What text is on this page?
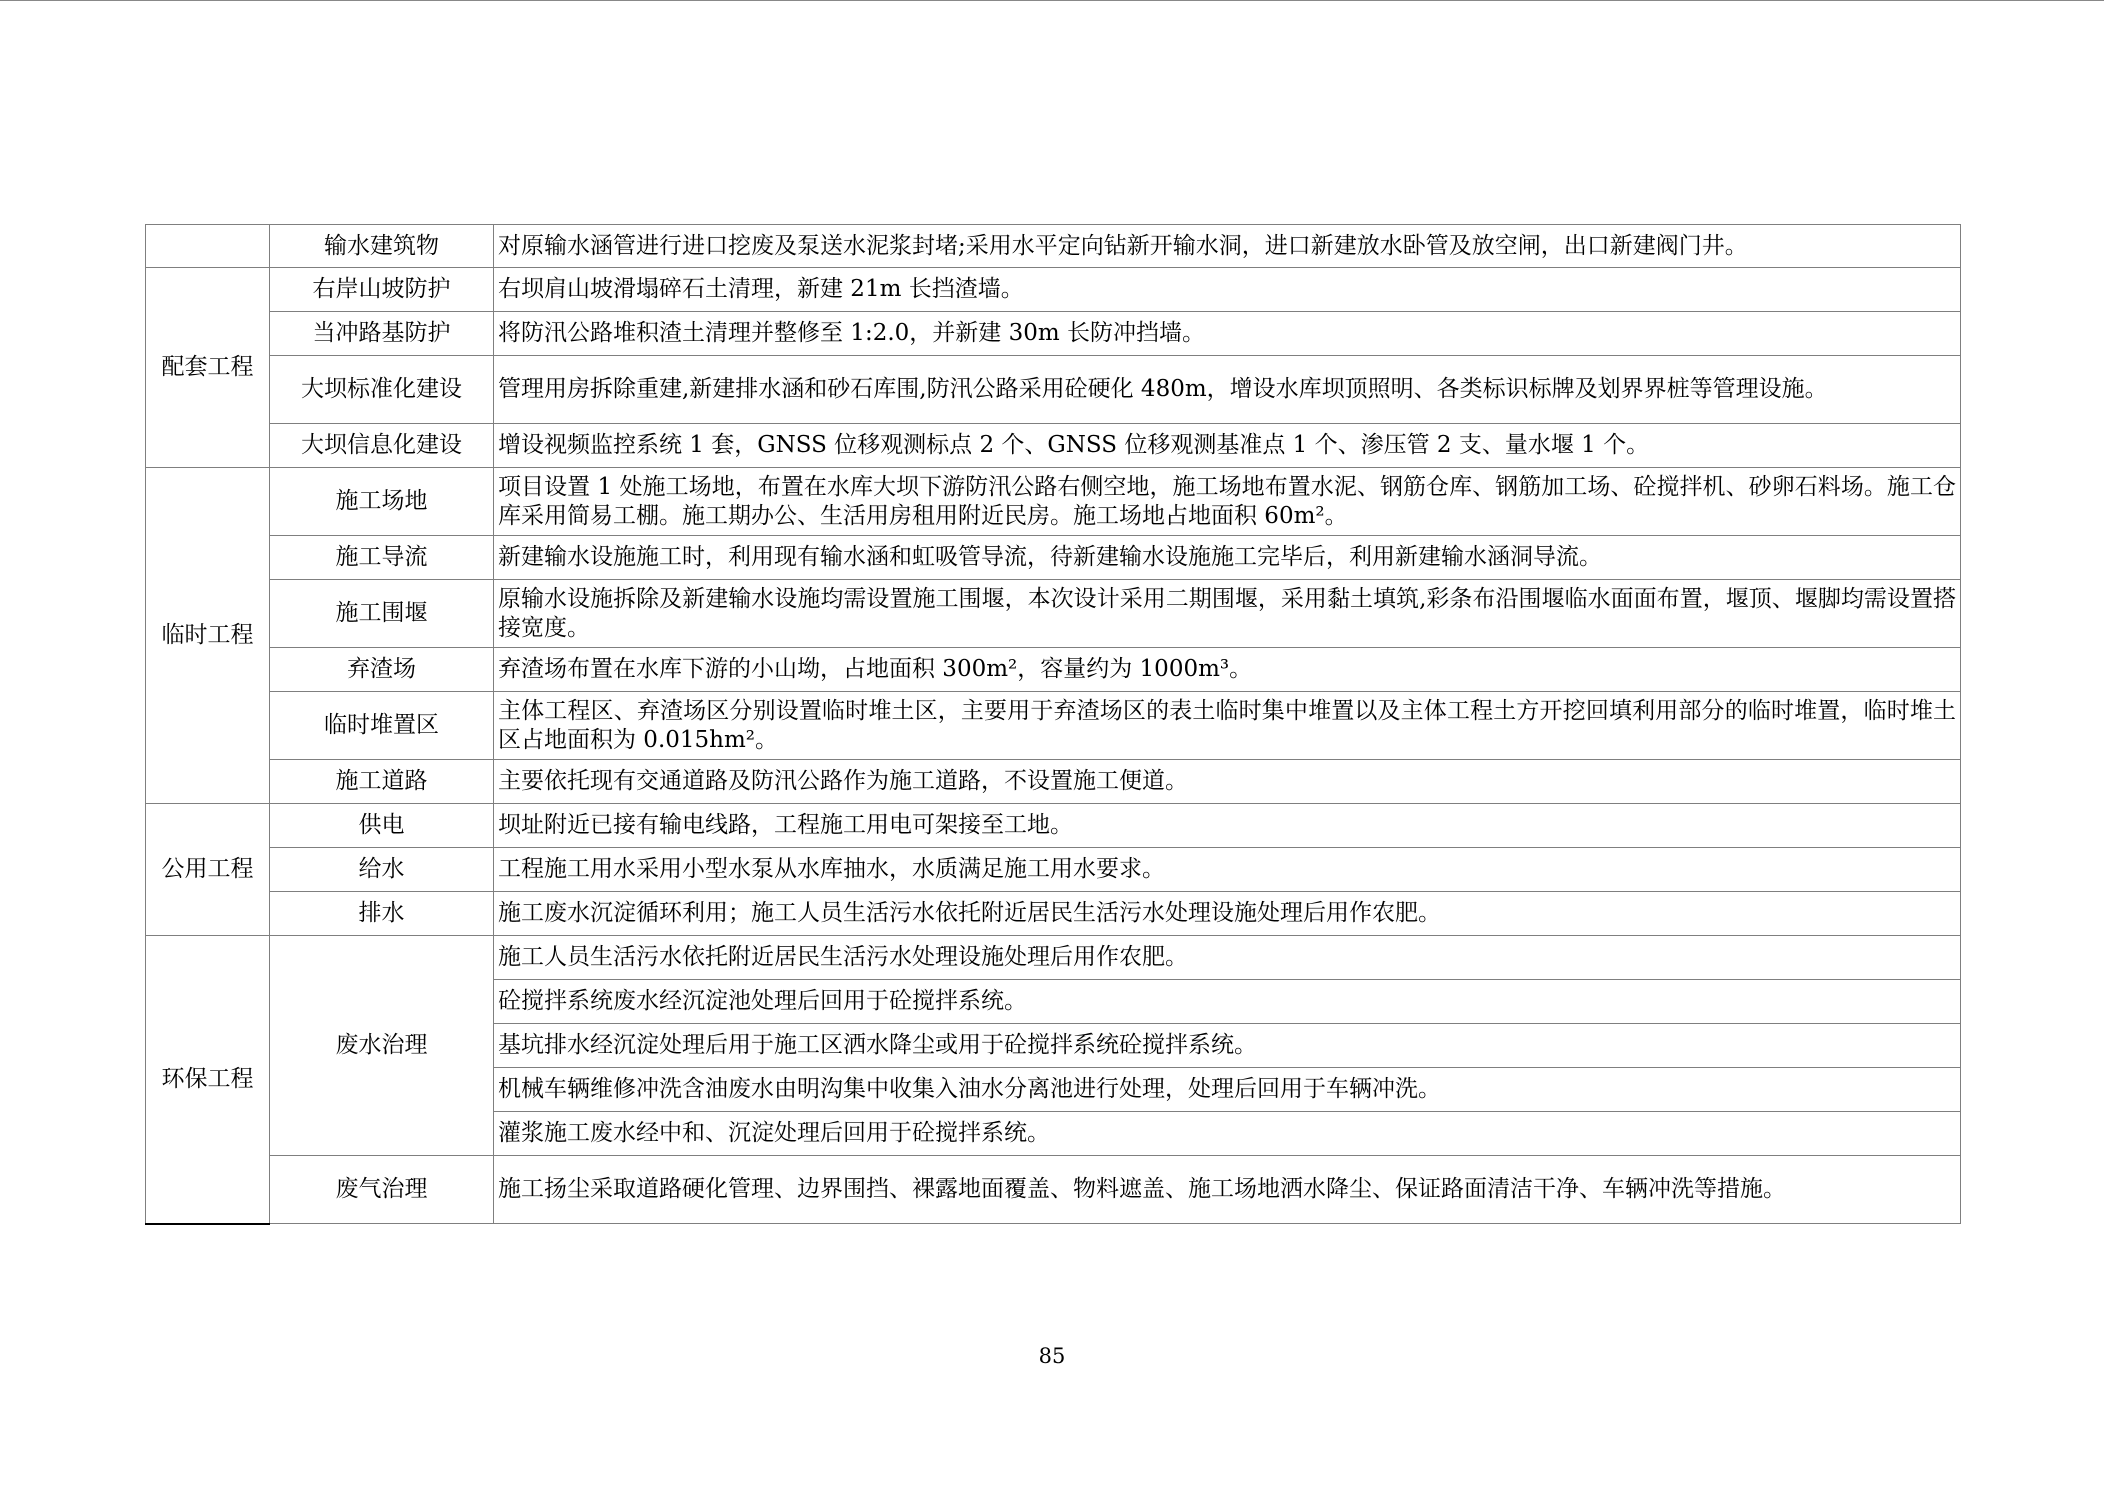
	输水建筑物	对原输水涵管进行进口挖废及泵送水泥浆封堵;采用水平定向钻新开输水洞，进口新建放水卧管及放空闸，出口新建阀门井。
配套工程	右岸山坡防护	右坝肩山坡滑塌碎石土清理，新建 21m 长挡渣墙。
	当冲路基防护	将防汛公路堆积渣土清理并整修至 1:2.0，并新建 30m 长防冲挡墙。
	大坝标准化建设	管理用房拆除重建,新建排水涵和砂石库围,防汛公路采用砼硬化 480m，增设水库坝顶照明、各类标识标牌及划界界桩等管理设施。
	大坝信息化建设	增设视频监控系统 1 套，GNSS 位移观测标点 2 个、GNSS 位移观测基准点 1 个、渗压管 2 支、量水堰 1 个。
临时工程	施工场地	项目设置 1 处施工场地，布置在水库大坝下游防汛公路右侧空地，施工场地布置水泥、钢筋仓库、钢筋加工场、砼搅拌机、砂卵石料场。施工仓库采用简易工棚。施工期办公、生活用房租用附近民房。施工场地占地面积 60m²。
	施工导流	新建输水设施施工时，利用现有输水涵和虹吸管导流，待新建输水设施施工完毕后，利用新建输水涵洞导流。
	施工围堰	原输水设施拆除及新建输水设施均需设置施工围堰，本次设计采用二期围堰，采用黏土填筑,彩条布沿围堰临水面面布置，堰顶、堰脚均需设置搭接宽度。
	弃渣场	弃渣场布置在水库下游的小山坳，占地面积 300m²，容量约为 1000m³。
	临时堆置区	主体工程区、弃渣场区分别设置临时堆土区，主要用于弃渣场区的表土临时集中堆置以及主体工程土方开挖回填利用部分的临时堆置，临时堆土区占地面积为 0.015hm²。
	施工道路	主要依托现有交通道路及防汛公路作为施工道路，不设置施工便道。
公用工程	供电	坝址附近已接有输电线路，工程施工用电可架接至工地。
	给水	工程施工用水采用小型水泵从水库抽水，水质满足施工用水要求。
	排水	施工废水沉淀循环利用；施工人员生活污水依托附近居民生活污水处理设施处理后用作农肥。
环保工程	废水治理	施工人员生活污水依托附近居民生活污水处理设施处理后用作农肥。
		砼搅拌系统废水经沉淀池处理后回用于砼搅拌系统。
		基坑排水经沉淀处理后用于施工区洒水降尘或用于砼搅拌系统砼搅拌系统。
		机械车辆维修冲洗含油废水由明沟集中收集入油水分离池进行处理，处理后回用于车辆冲洗。
		灌浆施工废水经中和、沉淀处理后回用于砼搅拌系统。
	废气治理	施工扬尘采取道路硬化管理、边界围挡、裸露地面覆盖、物料遮盖、施工场地洒水降尘、保证路面清洁干净、车辆冲洗等措施。
85
